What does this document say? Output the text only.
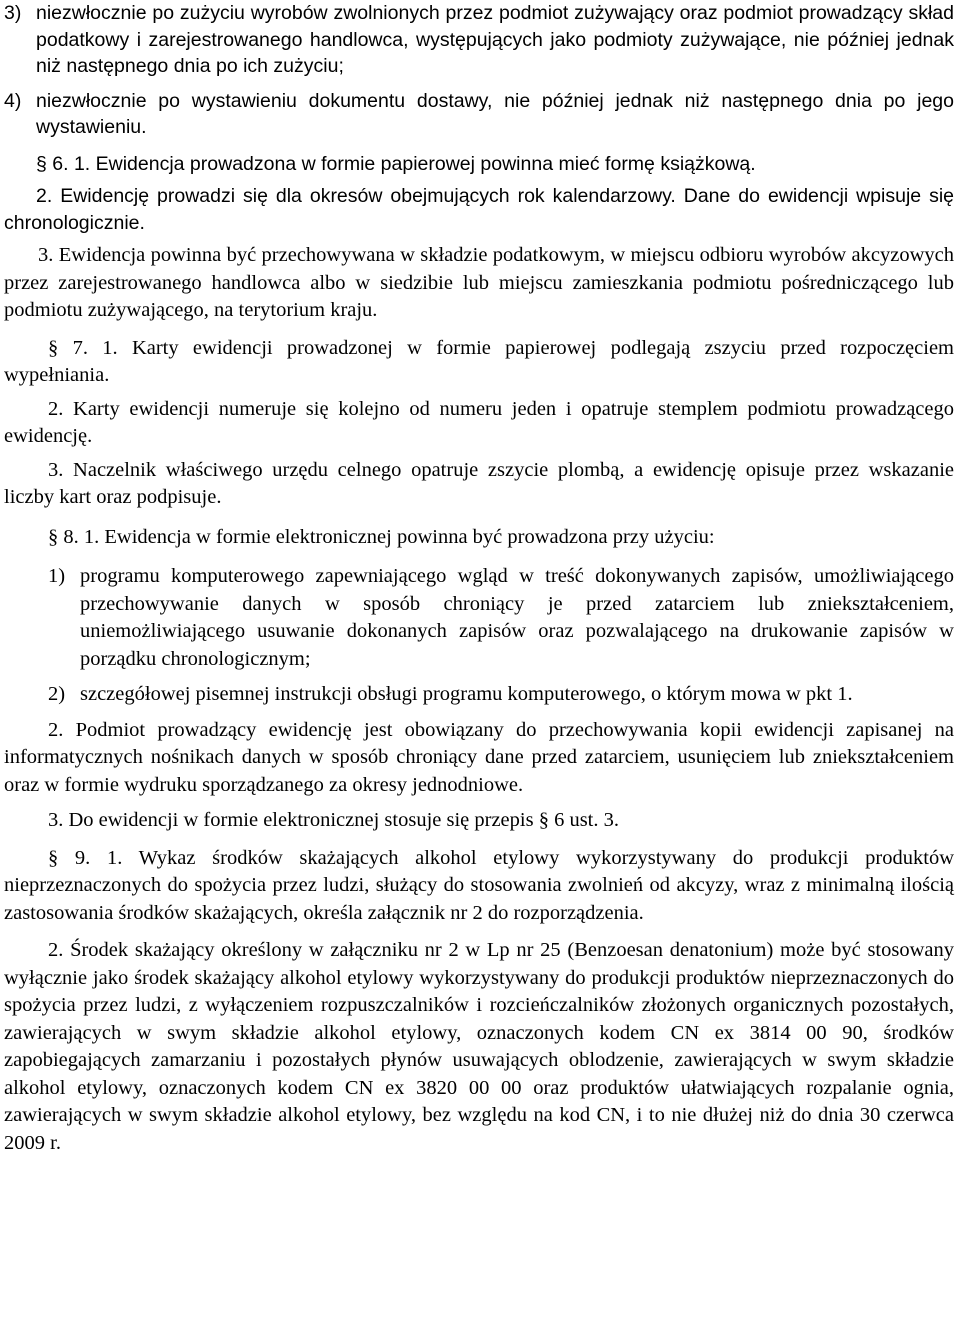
3) niezwłocznie po zużyciu wyrobów zwolnionych przez podmiot zużywający oraz podmiot prowadzący skład podatkowy i zarejestrowanego handlowca, występujących jako podmioty zużywające, nie później jednak niż następnego dnia po ich zużyciu;
4) niezwłocznie po wystawieniu dokumentu dostawy, nie później jednak niż następnego dnia po jego wystawieniu.

§ 6. 1. Ewidencja prowadzona w formie papierowej powinna mieć formę książkową.

2. Ewidencję prowadzi się dla okresów obejmujących rok kalendarzowy. Dane do ewidencji wpisuje się chronologicznie.

3. Ewidencja powinna być przechowywana w składzie podatkowym, w miejscu odbioru wyrobów akcyzowych przez zarejestrowanego handlowca albo w siedzibie lub miejscu zamieszkania podmiotu pośredniczącego lub podmiotu zużywającego, na terytorium kraju.

§ 7. 1. Karty ewidencji prowadzonej w formie papierowej podlegają zszyciu przed rozpoczęciem wypełniania.

2. Karty ewidencji numeruje się kolejno od numeru jeden i opatruje stemplem podmiotu prowadzącego ewidencję.

3. Naczelnik właściwego urzędu celnego opatruje zszycie plombą, a ewidencję opisuje przez wskazanie liczby kart oraz podpisuje.

§ 8. 1. Ewidencja w formie elektronicznej powinna być prowadzona przy użyciu:

1) programu komputerowego zapewniającego wgląd w treść dokonywanych zapisów, umożliwiającego przechowywanie danych w sposób chroniący je przed zatarciem lub zniekształceniem, uniemożliwiającego usuwanie dokonanych zapisów oraz pozwalającego na drukowanie zapisów w porządku chronologicznym;
2) szczegółowej pisemnej instrukcji obsługi programu komputerowego, o którym mowa w pkt 1.

2. Podmiot prowadzący ewidencję jest obowiązany do przechowywania kopii ewidencji zapisanej na informatycznych nośnikach danych w sposób chroniący dane przed zatarciem, usunięciem lub zniekształceniem oraz w formie wydruku sporządzanego za okresy jednodniowe.

3. Do ewidencji w formie elektronicznej stosuje się przepis § 6 ust. 3.

§ 9. 1. Wykaz środków skażających alkohol etylowy wykorzystywany do produkcji produktów nieprzeznaczonych do spożycia przez ludzi, służący do stosowania zwolnień od akcyzy, wraz z minimalną ilością zastosowania środków skażających, określa załącznik nr 2 do rozporządzenia.

2. Środek skażający określony w załączniku nr 2 w Lp nr 25 (Benzoesan denatonium) może być stosowany wyłącznie jako środek skażający alkohol etylowy wykorzystywany do produkcji produktów nieprzeznaczonych do spożycia przez ludzi, z wyłączeniem rozpuszczalników i rozcieńczalników złożonych organicznych pozostałych, zawierających w swym składzie alkohol etylowy, oznaczonych kodem CN ex 3814 00 90, środków zapobiegających zamarzaniu i pozostałych płynów usuwających oblodzenie, zawierających w swym składzie alkohol etylowy, oznaczonych kodem CN ex 3820 00 00 oraz produktów ułatwiających rozpalanie ognia, zawierających w swym składzie alkohol etylowy, bez względu na kod CN, i to nie dłużej niż do dnia 30 czerwca 2009 r.
